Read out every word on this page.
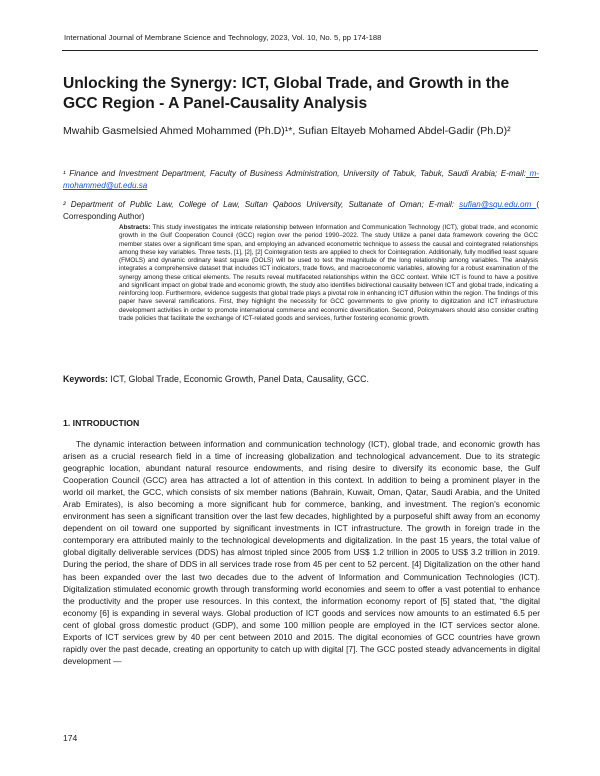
International Journal of Membrane Science and Technology, 2023, Vol. 10, No. 5, pp 174-188
Unlocking the Synergy: ICT, Global Trade, and Growth in the GCC Region - A Panel-Causality Analysis
Mwahib Gasmelsied Ahmed Mohammed (Ph.D)¹*, Sufian Eltayeb Mohamed Abdel-Gadir (Ph.D)²
¹ Finance and Investment Department, Faculty of Business Administration, University of Tabuk, Tabuk, Saudi Arabia; E-mail: m-mohammed@ut.edu.sa
² Department of Public Law, College of Law, Sultan Qaboos University, Sultanate of Oman; E-mail: sufian@squ.edu.om ( Corresponding Author)
Abstracts: This study investigates the intricate relationship between Information and Communication Technology (ICT), global trade, and economic growth in the Gulf Cooperation Council (GCC) region over the period 1990–2022. The study Utilize a panel data framework covering the GCC member states over a significant time span, and employing an advanced econometric technique to assess the causal and cointegrated relationships among these key variables. Three tests, [1], [2], [2] Cointegration tests are applied to check for Cointegration. Additionally, fully modified least square (FMOLS) and dynamic ordinary least square (DOLS) will be used to test the magnitude of the long relationship among variables. The analysis integrates a comprehensive dataset that includes ICT indicators, trade flows, and macroeconomic variables, allowing for a robust examination of the synergy among these critical elements. The results reveal multifaceted relationships within the GCC context. While ICT is found to have a positive and significant impact on global trade and economic growth, the study also identifies bidirectional causality between ICT and global trade, indicating a reinforcing loop. Furthermore, evidence suggests that global trade plays a pivotal role in enhancing ICT diffusion within the region. The findings of this paper have several ramifications. First, they highlight the necessity for GCC governments to give priority to digitization and ICT infrastructure development activities in order to promote international commerce and economic diversification. Second, Policymakers should also consider crafting trade policies that facilitate the exchange of ICT-related goods and services, further fostering economic growth.
Keywords: ICT, Global Trade, Economic Growth, Panel Data, Causality, GCC.
1. INTRODUCTION

The dynamic interaction between information and communication technology (ICT), global trade, and economic growth has arisen as a crucial research field in a time of increasing globalization and technological advancement. Due to its strategic geographic location, abundant natural resource endowments, and rising desire to diversify its economic base, the Gulf Cooperation Council (GCC) area has attracted a lot of attention in this context. In addition to being a prominent player in the world oil market, the GCC, which consists of six member nations (Bahrain, Kuwait, Oman, Qatar, Saudi Arabia, and the United Arab Emirates), is also becoming a more significant hub for commerce, banking, and investment. The region's economic environment has seen a significant transition over the last few decades, highlighted by a purposeful shift away from an economy dependent on oil toward one supported by significant investments in ICT infrastructure. The growth in foreign trade in the contemporary era attributed mainly to the technological developments and digitalization. In the past 15 years, the total value of global digitally deliverable services (DDS) has almost tripled since 2005 from US$ 1.2 trillion in 2005 to US$ 3.2 trillion in 2019. During the period, the share of DDS in all services trade rose from 45 per cent to 52 percent. [4] Digitalization on the other hand has been expanded over the last two decades due to the advent of Information and Communication Technologies (ICT). Digitalization stimulated economic growth through transforming world economies and seem to offer a vast potential to enhance the productivity and the proper use resources. In this context, the information economy report of [5] stated that, “the digital economy [6] is expanding in several ways. Global production of ICT goods and services now amounts to an estimated 6.5 per cent of global gross domestic product (GDP), and some 100 million people are employed in the ICT services sector alone. Exports of ICT services grew by 40 per cent between 2010 and 2015. The digital economies of GCC countries have grown rapidly over the past decade, creating an opportunity to catch up with digital [7]. The GCC posted steady advancements in digital development —

174
